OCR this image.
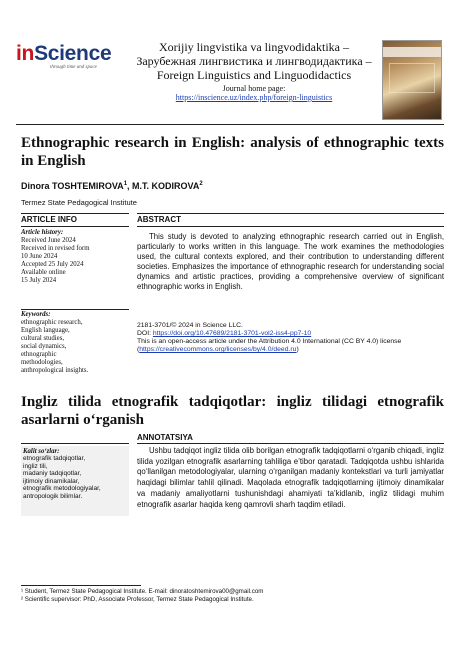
inScience
through time and space
Xorijiy lingvistika va lingvodidaktika – Зарубежная лингвистика и лингводидактика – Foreign Linguistics and Linguodidactics
Journal home page:
https://inscience.uz/index.php/foreign-linguistics
Ethnographic research in English: analysis of ethnographic texts in English
Dinora TOSHTEMIROVA$^1$, M.T. KODIROVA$^2$
Termez State Pedagogical Institute
ARTICLE INFO
Article history:
Received June 2024
Received in revised form
10 June 2024
Accepted 25 July 2024
Available online
15 July 2024
Keywords:
ethnographic research,
English language,
cultural studies,
social dynamics,
ethnographic
methodologies,
anthropological insights.
ABSTRACT
This study is devoted to analyzing ethnographic research carried out in English, particularly to works written in this language. The work examines the methodologies used, the cultural contexts explored, and their contribution to understanding different societies. Emphasizes the importance of ethnographic research for understanding social dynamics and artistic practices, providing a comprehensive overview of significant ethnographic works in English.
2181-3701/© 2024 in Science LLC.
DOI: https://doi.org/10.47689/2181-3701-vol2-iss4-pp7-10
This is an open-access article under the Attribution 4.0 International (CC BY 4.0) license (https://creativecommons.org/licenses/by/4.0/deed.ru)
Ingliz tilida etnografik tadqiqotlar: ingliz tilidagi etnografik asarlarni o‘rganish
Kalit so‘zlar:
etnografik tadqiqotlar,
ingliz tili,
madaniy tadqiqotlar,
ijtimoiy dinamikalar,
etnografik metodologiyalar,
antropologik bilimlar.
ANNOTATSIYA
Ushbu tadqiqot ingliz tilida olib borilgan etnografik tadqiqotlarni o‘rganib chiqadi, ingliz tilida yozilgan etnografik asarlarning tahliliga e’tibor qaratadi. Tadqiqotda ushbu ishlarida qo‘llanilgan metodologiyalar, ularning o‘rganilgan madaniy kontekstlari va turli jamiyatlar haqidagi bilimlar tahlil qilinadi. Maqolada etnografik tadqiqotlarning ijtimoiy dinamikalar va madaniy amaliyotlarni tushunishdagi ahamiyati ta’kidlanib, ingliz tilidagi muhim etnografik asarlar haqida keng qamrovli sharh taqdim etiladi.
¹ Student, Termez State Pedagogical Institute. E-mail: dinoratoshtemirova00@gmail.com
² Scientific supervisor: PhD, Associate Professor, Termez State Pedagogical Institute.
